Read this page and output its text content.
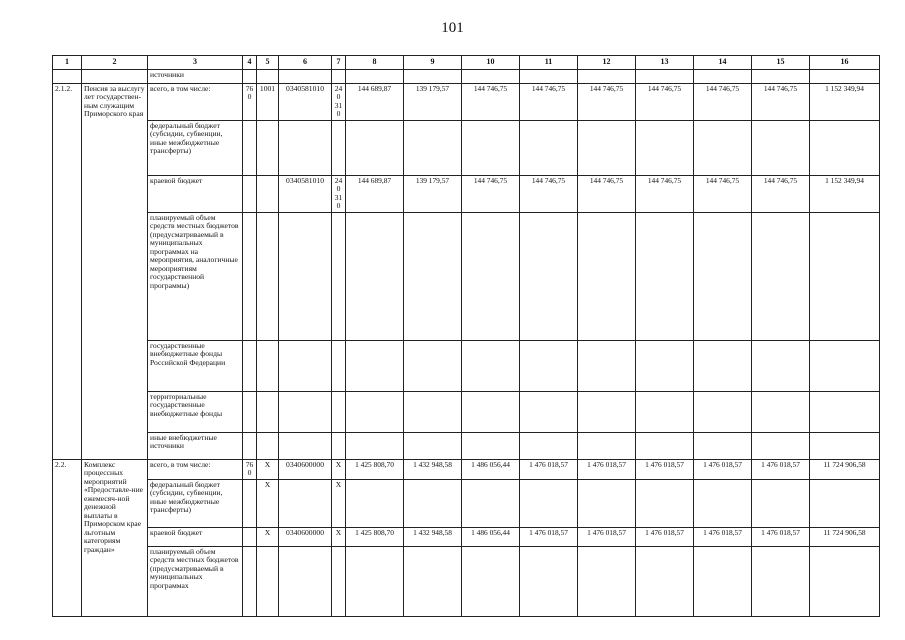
101
1	2	3	4	5	6	7	8	9	10	11	12	13	14	15	16
		источники													
2.1.2.	Пенсия за выслугу лет государствен-ным служащим Приморского края	всего, в том числе:	760	1001	0340581010	240 310	144 689,87	139 179,57	144 746,75	144 746,75	144 746,75	144 746,75	144 746,75	144 746,75	1 152 349,94
		федеральный бюджет (субсидии, субвенции, иные межбюджетные трансферты)													
		краевой бюджет			0340581010	240 310	144 689,87	139 179,57	144 746,75	144 746,75	144 746,75	144 746,75	144 746,75	144 746,75	1 152 349,94
		планируемый объем средств местных бюджетов (предусматриваемый в муниципальных программах на мероприятия, аналогичные мероприятиям государственной программы)													
		государственные внебюджетные фонды Российской Федерации													
		территориальные государственные внебюджетные фонды													
		иные внебюджетные источники													
2.2.	Комплекс процессных мероприятий «Предоставле-ние ежемесяч-ной денежной выплаты в Приморском крае льготным категориям граждан»	всего, в том числе:	760	X	0340600000	X	1 425 808,70	1 432 948,58	1 486 056,44	1 476 018,57	1 476 018,57	1 476 018,57	1 476 018,57	1 476 018,57	11 724 906,58
		федеральный бюджет (субсидии, субвенции, иные межбюджетные трансферты)		X		X									
		краевой бюджет		X	0340600000	X	1 425 808,70	1 432 948,58	1 486 056,44	1 476 018,57	1 476 018,57	1 476 018,57	1 476 018,57	1 476 018,57	11 724 906,58
		планируемый объем средств местных бюджетов (предусматриваемый в муниципальных программах													
